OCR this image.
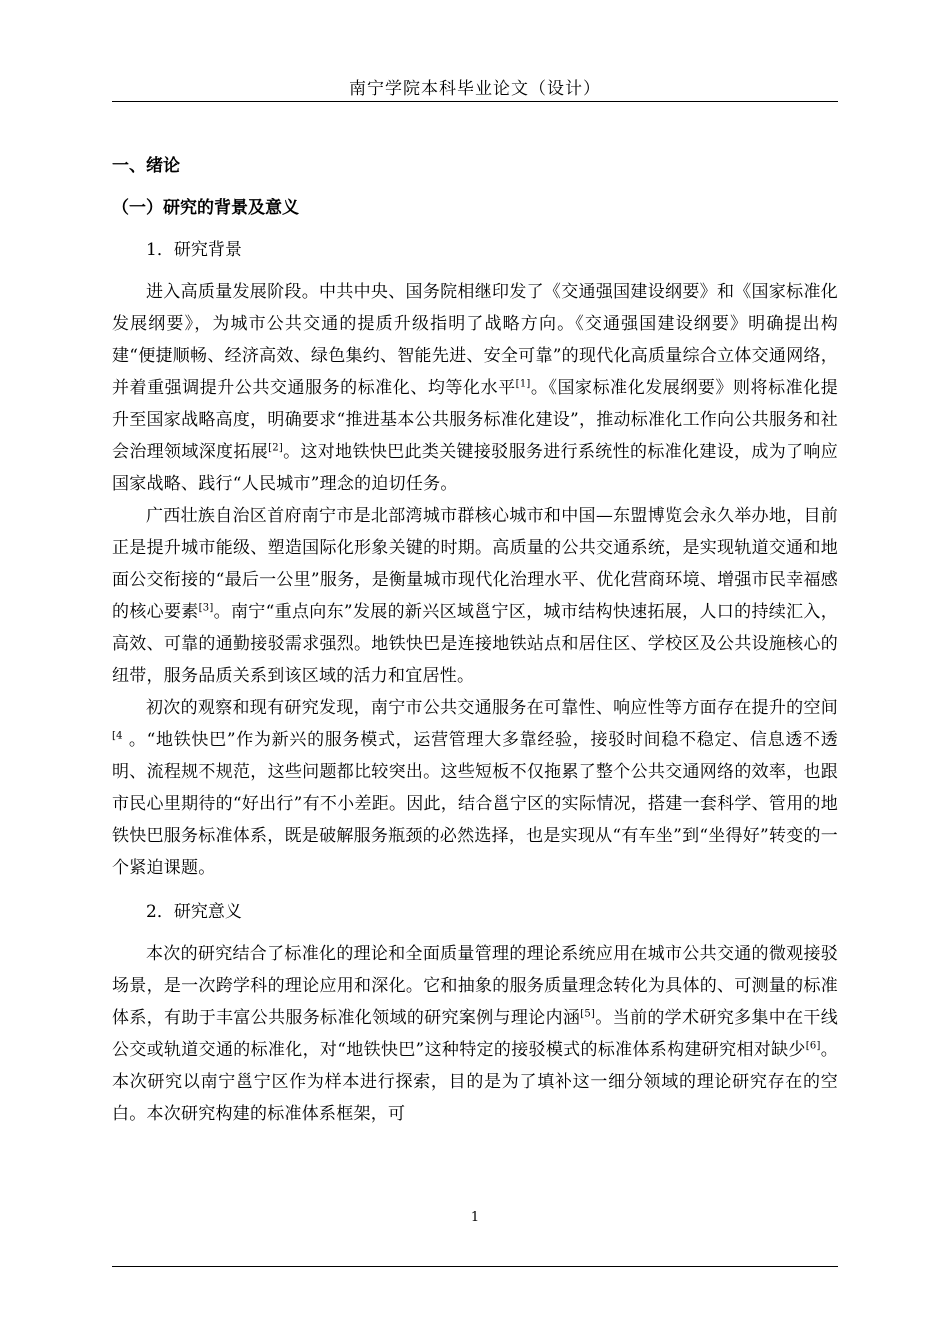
南宁学院本科毕业论文（设计）
一、绪论
（一）研究的背景及意义
1．研究背景

进入高质量发展阶段。中共中央、国务院相继印发了《交通强国建设纲要》和《国家标准化发展纲要》，为城市公共交通的提质升级指明了战略方向。《交通强国建设纲要》明确提出构建“便捷顺畅、经济高效、绿色集约、智能先进、安全可靠”的现代化高质量综合立体交通网络，并着重强调提升公共交通服务的标准化、均等化水平[1]。《国家标准化发展纲要》则将标准化提升至国家战略高度，明确要求“推进基本公共服务标准化建设”，推动标准化工作向公共服务和社会治理领域深度拓展[2]。这对地铁快巴此类关键接驳服务进行系统性的标准化建设，成为了响应国家战略、践行“人民城市”理念的迫切任务。

广西壮族自治区首府南宁市是北部湾城市群核心城市和中国—东盟博览会永久举办地，目前正是提升城市能级、塑造国际化形象关键的时期。高质量的公共交通系统，是实现轨道交通和地面公交衔接的“最后一公里”服务，是衡量城市现代化治理水平、优化营商环境、增强市民幸福感的核心要素[3]。南宁“重点向东”发展的新兴区域邕宁区，城市结构快速拓展，人口的持续汇入，高效、可靠的通勤接驳需求强烈。地铁快巴是连接地铁站点和居住区、学校区及公共设施核心的纽带，服务品质关系到该区域的活力和宜居性。

初次的观察和现有研究发现，南宁市公共交通服务在可靠性、响应性等方面存在提升的空间$^{[4}$ 。“地铁快巴”作为新兴的服务模式，运营管理大多靠经验，接驳时间稳不稳定、信息透不透明、流程规不规范，这些问题都比较突出。这些短板不仅拖累了整个公共交通网络的效率，也跟市民心里期待的“好出行”有不小差距。因此，结合邕宁区的实际情况，搭建一套科学、管用的地铁快巴服务标准体系，既是破解服务瓶颈的必然选择，也是实现从“有车坐”到“坐得好”转变的一个紧迫课题。

2．研究意义

本次的研究结合了标准化的理论和全面质量管理的理论系统应用在城市公共交通的微观接驳场景，是一次跨学科的理论应用和深化。它和抽象的服务质量理念转化为具体的、可测量的标准体系，有助于丰富公共服务标准化领域的研究案例与理论内涵[5]。当前的学术研究多集中在干线公交或轨道交通的标准化，对“地铁快巴”这种特定的接驳模式的标准体系构建研究相对缺少[6]。本次研究以南宁邕宁区作为样本进行探索，目的是为了填补这一细分领域的理论研究存在的空白。本次研究构建的标准体系框架，可

1
